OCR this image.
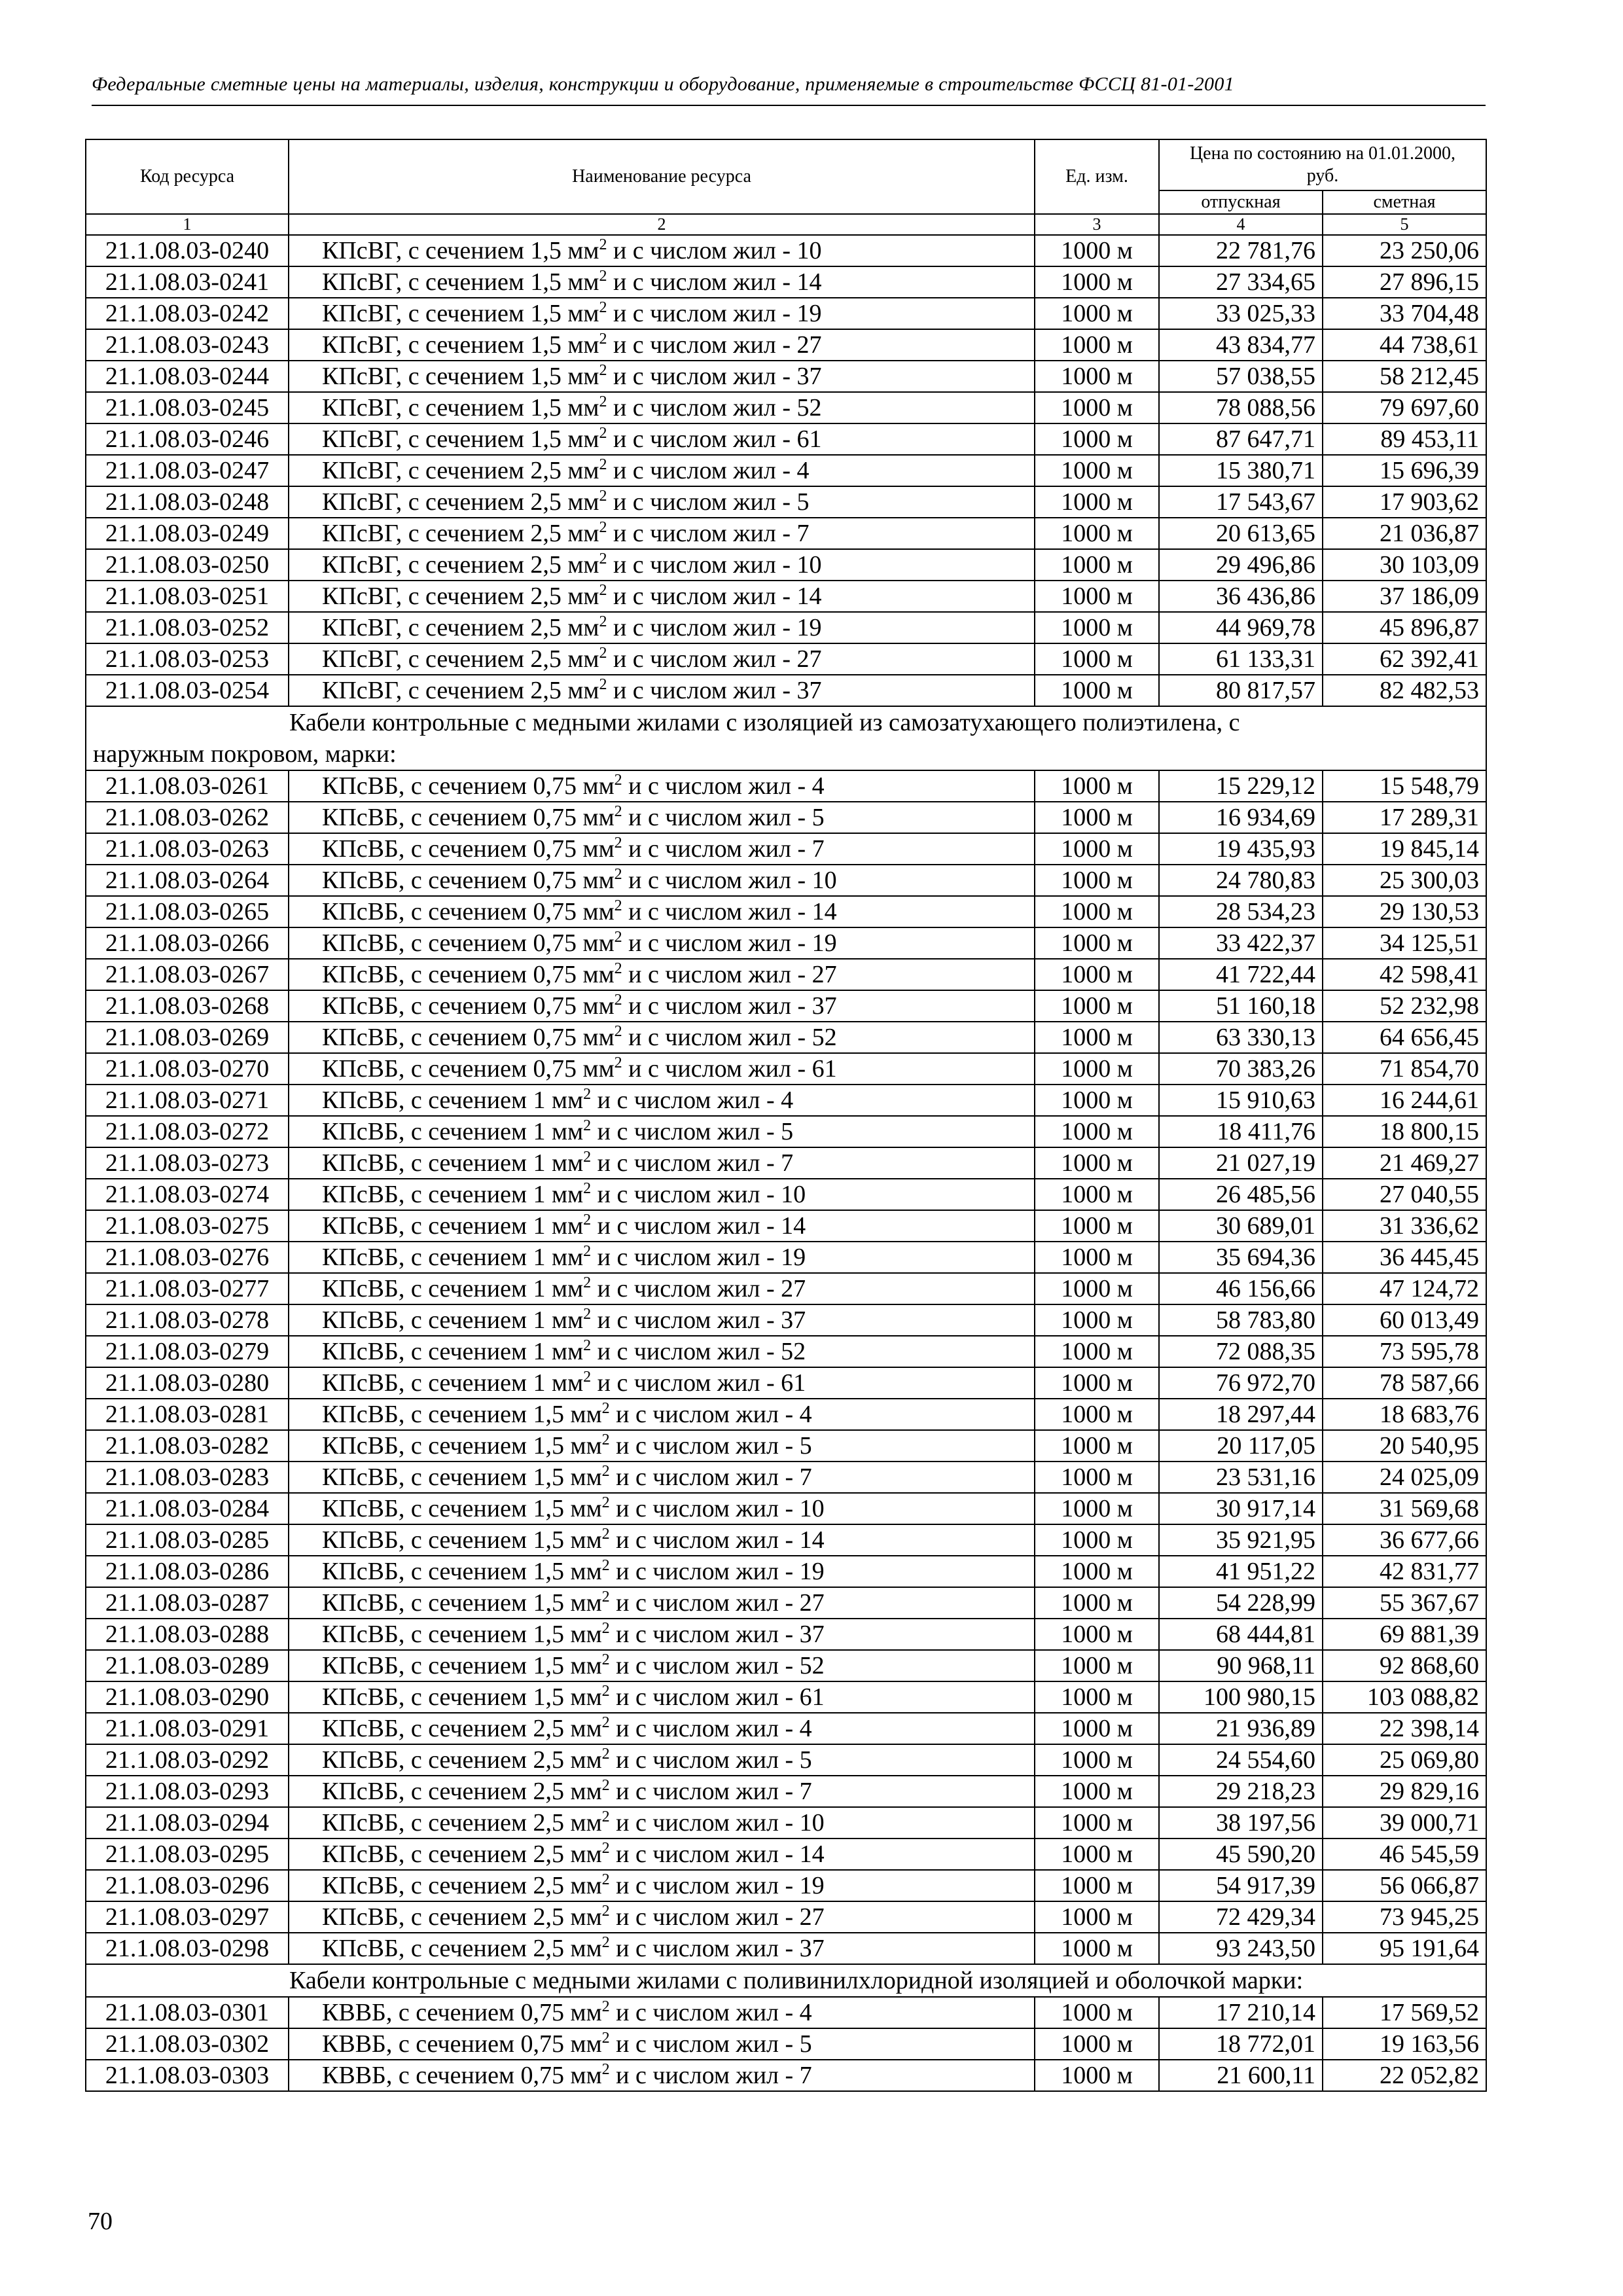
Федеральные сметные цены на материалы, изделия, конструкции и оборудование, применяемые в строительстве ФССЦ 81-01-2001
Код ресурса	Наименование ресурса	Ед. изм.	Цена по состоянию на 01.01.2000, руб.	
			отпускная	сметная
1	2	3	4	5
21.1.08.03-0240	КПсВГ, с сечением 1,5 $мм^2$ и с числом жил - 10	1000 м	22 781,76	23 250,06
21.1.08.03-0241	КПсВГ, с сечением 1,5 $мм^2$ и с числом жил - 14	1000 м	27 334,65	27 896,15
21.1.08.03-0242	КПсВГ, с сечением 1,5 $мм^2$ и с числом жил - 19	1000 м	33 025,33	33 704,48
21.1.08.03-0243	КПсВГ, с сечением 1,5 $мм^2$ и с числом жил - 27	1000 м	43 834,77	44 738,61
21.1.08.03-0244	КПсВГ, с сечением 1,5 $мм^2$ и с числом жил - 37	1000 м	57 038,55	58 212,45
21.1.08.03-0245	КПсВГ, с сечением 1,5 $мм^2$ и с числом жил - 52	1000 м	78 088,56	79 697,60
21.1.08.03-0246	КПсВГ, с сечением 1,5 $мм^2$ и с числом жил - 61	1000 м	87 647,71	89 453,11
21.1.08.03-0247	КПсВГ, с сечением 2,5 $мм^2$ и с числом жил - 4	1000 м	15 380,71	15 696,39
21.1.08.03-0248	КПсВГ, с сечением 2,5 $мм^2$ и с числом жил - 5	1000 м	17 543,67	17 903,62
21.1.08.03-0249	КПсВГ, с сечением 2,5 $мм^2$ и с числом жил - 7	1000 м	20 613,65	21 036,87
21.1.08.03-0250	КПсВГ, с сечением 2,5 $мм^2$ и с числом жил - 10	1000 м	29 496,86	30 103,09
21.1.08.03-0251	КПсВГ, с сечением 2,5 $мм^2$ и с числом жил - 14	1000 м	36 436,86	37 186,09
21.1.08.03-0252	КПсВГ, с сечением 2,5 $мм^2$ и с числом жил - 19	1000 м	44 969,78	45 896,87
21.1.08.03-0253	КПсВГ, с сечением 2,5 $мм^2$ и с числом жил - 27	1000 м	61 133,31	62 392,41
21.1.08.03-0254	КПсВГ, с сечением 2,5 $мм^2$ и с числом жил - 37	1000 м	80 817,57	82 482,53

Кабели контрольные с медными жилами с изоляцией из самозатухающего полиэтилена, с
наружным покровом, марки:				

21.1.08.03-0261	КПсВБ, с сечением 0,75 $мм^2$ и с числом жил - 4	1000 м	15 229,12	15 548,79
21.1.08.03-0262	КПсВБ, с сечением 0,75 $мм^2$ и с числом жил - 5	1000 м	16 934,69	17 289,31
21.1.08.03-0263	КПсВБ, с сечением 0,75 $мм^2$ и с числом жил - 7	1000 м	19 435,93	19 845,14
21.1.08.03-0264	КПсВБ, с сечением 0,75 $мм^2$ и с числом жил - 10	1000 м	24 780,83	25 300,03
21.1.08.03-0265	КПсВБ, с сечением 0,75 $мм^2$ и с числом жил - 14	1000 м	28 534,23	29 130,53
21.1.08.03-0266	КПсВБ, с сечением 0,75 $мм^2$ и с числом жил - 19	1000 м	33 422,37	34 125,51
21.1.08.03-0267	КПсВБ, с сечением 0,75 $мм^2$ и с числом жил - 27	1000 м	41 722,44	42 598,41
21.1.08.03-0268	КПсВБ, с сечением 0,75 $мм^2$ и с числом жил - 37	1000 м	51 160,18	52 232,98
21.1.08.03-0269	КПсВБ, с сечением 0,75 $мм^2$ и с числом жил - 52	1000 м	63 330,13	64 656,45
21.1.08.03-0270	КПсВБ, с сечением 0,75 $мм^2$ и с числом жил - 61	1000 м	70 383,26	71 854,70
21.1.08.03-0271	КПсВБ, с сечением 1 $мм^2$ и с числом жил - 4	1000 м	15 910,63	16 244,61
21.1.08.03-0272	КПсВБ, с сечением 1 $мм^2$ и с числом жил - 5	1000 м	18 411,76	18 800,15
21.1.08.03-0273	КПсВБ, с сечением 1 $мм^2$ и с числом жил - 7	1000 м	21 027,19	21 469,27
21.1.08.03-0274	КПсВБ, с сечением 1 $мм^2$ и с числом жил - 10	1000 м	26 485,56	27 040,55
21.1.08.03-0275	КПсВБ, с сечением 1 $мм^2$ и с числом жил - 14	1000 м	30 689,01	31 336,62
21.1.08.03-0276	КПсВБ, с сечением 1 $мм^2$ и с числом жил - 19	1000 м	35 694,36	36 445,45
21.1.08.03-0277	КПсВБ, с сечением 1 $мм^2$ и с числом жил - 27	1000 м	46 156,66	47 124,72
21.1.08.03-0278	КПсВБ, с сечением 1 $мм^2$ и с числом жил - 37	1000 м	58 783,80	60 013,49
21.1.08.03-0279	КПсВБ, с сечением 1 $мм^2$ и с числом жил - 52	1000 м	72 088,35	73 595,78
21.1.08.03-0280	КПсВБ, с сечением 1 $мм^2$ и с числом жил - 61	1000 м	76 972,70	78 587,66
21.1.08.03-0281	КПсВБ, с сечением 1,5 $мм^2$ и с числом жил - 4	1000 м	18 297,44	18 683,76
21.1.08.03-0282	КПсВБ, с сечением 1,5 $мм^2$ и с числом жил - 5	1000 м	20 117,05	20 540,95
21.1.08.03-0283	КПсВБ, с сечением 1,5 $мм^2$ и с числом жил - 7	1000 м	23 531,16	24 025,09
21.1.08.03-0284	КПсВБ, с сечением 1,5 $мм^2$ и с числом жил - 10	1000 м	30 917,14	31 569,68
21.1.08.03-0285	КПсВБ, с сечением 1,5 $мм^2$ и с числом жил - 14	1000 м	35 921,95	36 677,66
21.1.08.03-0286	КПсВБ, с сечением 1,5 $мм^2$ и с числом жил - 19	1000 м	41 951,22	42 831,77
21.1.08.03-0287	КПсВБ, с сечением 1,5 $мм^2$ и с числом жил - 27	1000 м	54 228,99	55 367,67
21.1.08.03-0288	КПсВБ, с сечением 1,5 $мм^2$ и с числом жил - 37	1000 м	68 444,81	69 881,39
21.1.08.03-0289	КПсВБ, с сечением 1,5 $мм^2$ и с числом жил - 52	1000 м	90 968,11	92 868,60
21.1.08.03-0290	КПсВБ, с сечением 1,5 $мм^2$ и с числом жил - 61	1000 м	100 980,15	103 088,82
21.1.08.03-0291	КПсВБ, с сечением 2,5 $мм^2$ и с числом жил - 4	1000 м	21 936,89	22 398,14
21.1.08.03-0292	КПсВБ, с сечением 2,5 $мм^2$ и с числом жил - 5	1000 м	24 554,60	25 069,80
21.1.08.03-0293	КПсВБ, с сечением 2,5 $мм^2$ и с числом жил - 7	1000 м	29 218,23	29 829,16
21.1.08.03-0294	КПсВБ, с сечением 2,5 $мм^2$ и с числом жил - 10	1000 м	38 197,56	39 000,71
21.1.08.03-0295	КПсВБ, с сечением 2,5 $мм^2$ и с числом жил - 14	1000 м	45 590,20	46 545,59
21.1.08.03-0296	КПсВБ, с сечением 2,5 $мм^2$ и с числом жил - 19	1000 м	54 917,39	56 066,87
21.1.08.03-0297	КПсВБ, с сечением 2,5 $мм^2$ и с числом жил - 27	1000 м	72 429,34	73 945,25
21.1.08.03-0298	КПсВБ, с сечением 2,5 $мм^2$ и с числом жил - 37	1000 м	93 243,50	95 191,64

Кабели контрольные с медными жилами с поливинилхлоридной изоляцией и оболочкой марки:				

21.1.08.03-0301	КВВБ, с сечением 0,75 $мм^2$ и с числом жил - 4	1000 м	17 210,14	17 569,52
21.1.08.03-0302	КВВБ, с сечением 0,75 $мм^2$ и с числом жил - 5	1000 м	18 772,01	19 163,56
21.1.08.03-0303	КВВБ, с сечением 0,75 $мм^2$ и с числом жил - 7	1000 м	21 600,11	22 052,82
70
